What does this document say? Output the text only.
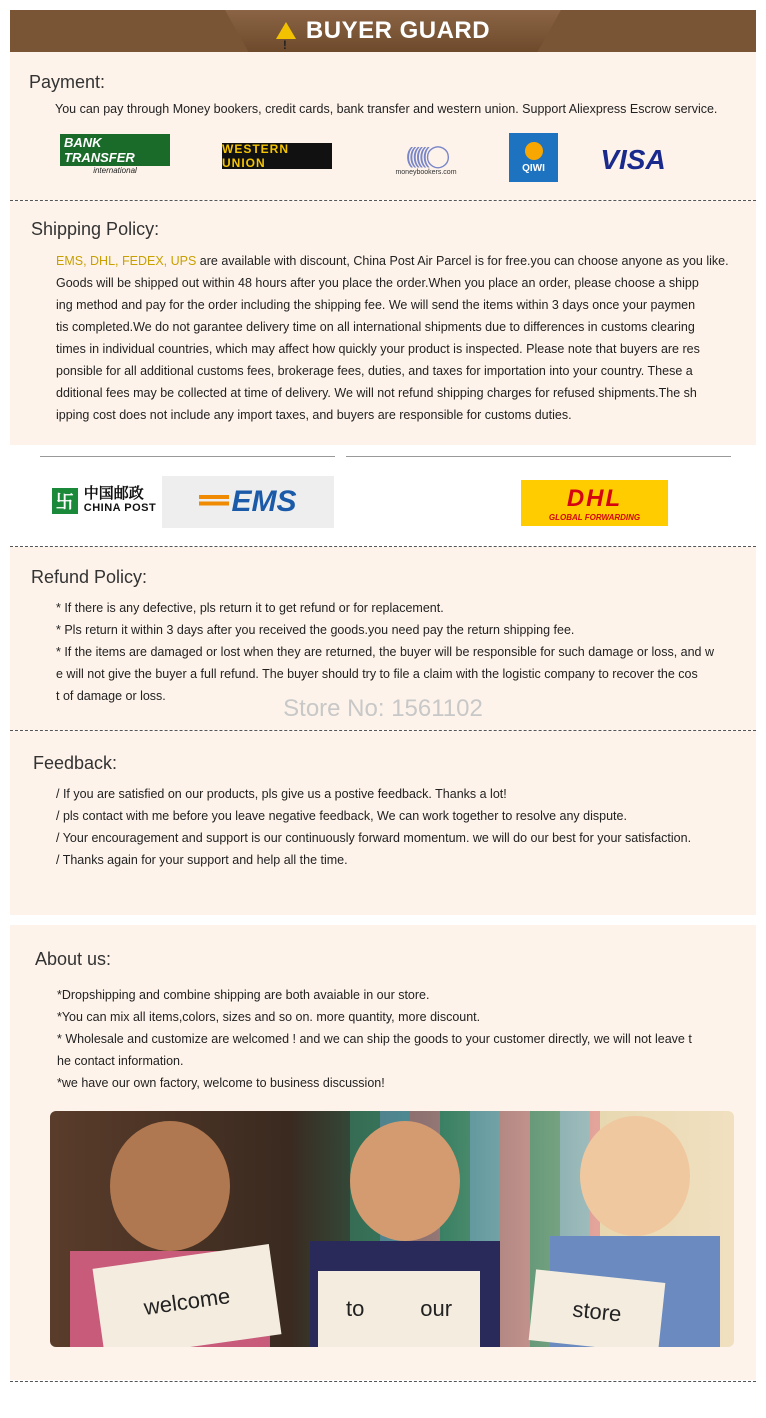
!BUYER GUARD
Payment:

You can pay through Money bookers, credit cards, bank transfer and western union. Support Aliexpress Escrow service.

BANK TRANSFER
international
WESTERN UNION	((((((◯
moneybookers.com	QIWI VISA
Shipping Policy:

EMS, DHL, FEDEX, UPS are available with discount, China Post Air Parcel is for free.you can choose anyone as you like.

Goods will be shipped out within 48 hours after you place the order.When you place an order, please choose a shipp

ing method and pay for the order including the shipping fee. We will send the items within 3 days once your paymen

tis completed.We do not garantee delivery time on all international shipments due to differences in customs clearing

times in individual countries, which may affect how quickly your product is inspected. Please note that buyers are res

ponsible for all additional customs fees, brokerage fees, duties, and taxes for importation into your country. These a

dditional fees may be collected at time of delivery. We will not refund shipping charges for refused shipments.The sh

ipping cost does not include any import taxes, and buyers are responsible for customs duties.

卐 中国邮政
CHINA POST	EMS	DHL
GLOBAL FORWARDING
Refund Policy:

* If there is any defective, pls return it to get refund or for replacement.

* Pls return it within 3 days after you received the goods.you need pay the return shipping fee.

* If the items are damaged or lost when they are returned, the buyer will be responsible for such damage or loss, and w

e will not give the buyer a full refund. The buyer should try to file a claim with the logistic company to recover the cos

t of damage or loss.	Store No: 1561102
Feedback:

/ If you are satisfied on our products, pls give us a postive feedback. Thanks a lot!

/ pls contact with me before you leave negative feedback, We can work together to resolve any dispute.

/ Your encouragement and support is our continuously forward momentum. we will do our best for your satisfaction.

/ Thanks again for your support and help all the time.

About us:

*Dropshipping and combine shipping are both avaiable in our store.

*You can mix all items,colors, sizes and so on. more quantity, more discount.

* Wholesale and customize are welcomed ! and we can ship the goods to your customer directly, we will not leave t

he contact information.

*we have our own factory, welcome to business discussion!

welcome	to	our	store
